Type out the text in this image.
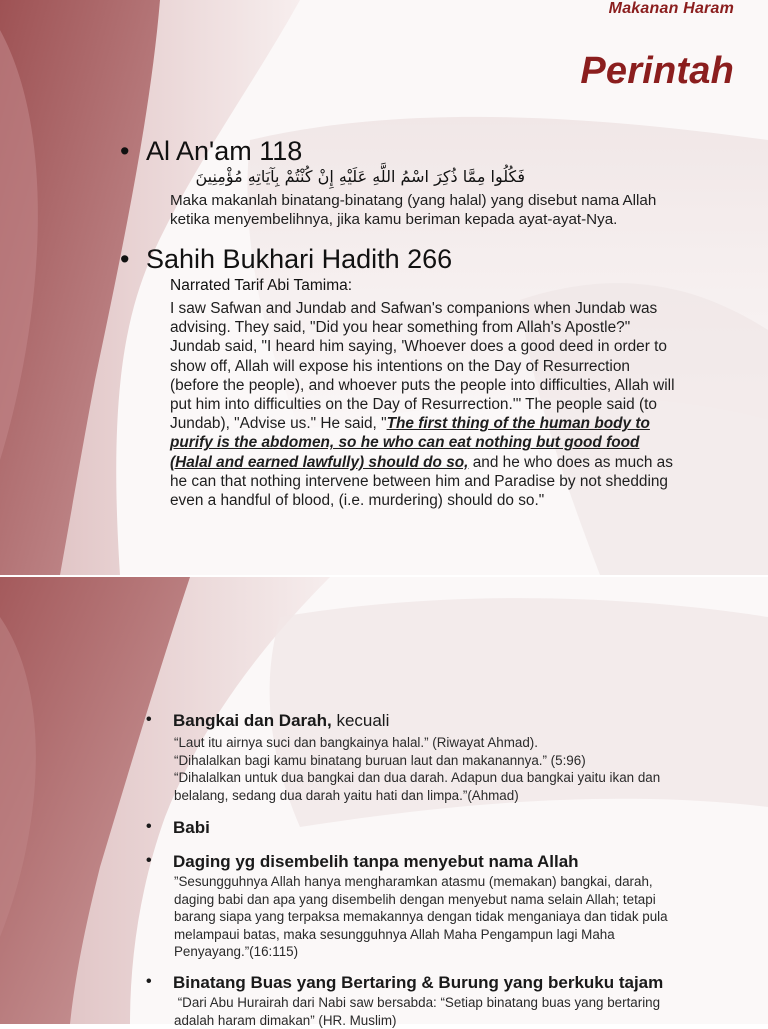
Perintah
• Al An'am 118
فَكُلُوا مِمَّا ذُكِرَ اسْمُ اللَّهِ عَلَيْهِ إِنْ كُنْتُمْ بِآيَاتِهِ مُؤْمِنِينَ
Maka makanlah binatang-binatang (yang halal) yang disebut nama Allah
ketika menyembelihnya, jika kamu beriman kepada ayat-ayat-Nya.
• Sahih Bukhari Hadith 266
Narrated Tarif Abi Tamima:
I saw Safwan and Jundab and Safwan's companions when Jundab was
advising. They said, "Did you hear something from Allah's Apostle?"
Jundab said, "I heard him saying, 'Whoever does a good deed in order to
show off, Allah will expose his intentions on the Day of Resurrection
(before the people), and whoever puts the people into difficulties, Allah will
put him into difficulties on the Day of Resurrection.'" The people said (to
Jundab), "Advise us." He said, "The first thing of the human body to
purify is the abdomen, so he who can eat nothing but good food
(Halal and earned lawfully) should do so, and he who does as much as
he can that nothing intervene between him and Paradise by not shedding
even a handful of blood, (i.e. murdering) should do so."
Makanan Haram
• Bangkai dan Darah, kecuali
“Laut itu airnya suci dan bangkainya halal.” (Riwayat Ahmad).
“Dihalalkan bagi kamu binatang buruan laut dan makanannya.” (5:96)
“Dihalalkan untuk dua bangkai dan dua darah. Adapun dua bangkai yaitu ikan dan
belalang, sedang dua darah yaitu hati dan limpa.”(Ahmad)
• Babi
• Daging yg disembelih tanpa menyebut nama Allah
”Sesungguhnya Allah hanya mengharamkan atasmu (memakan) bangkai, darah,
daging babi dan apa yang disembelih dengan menyebut nama selain Allah; tetapi
barang siapa yang terpaksa memakannya dengan tidak menganiaya dan tidak pula
melampaui batas, maka sesungguhnya Allah Maha Pengampun lagi Maha
Penyayang.”(16:115)
• Binatang Buas yang Bertaring & Burung yang berkuku tajam
“Dari Abu Hurairah dari Nabi saw bersabda: “Setiap binatang buas yang bertaring
adalah haram dimakan” (HR. Muslim)
